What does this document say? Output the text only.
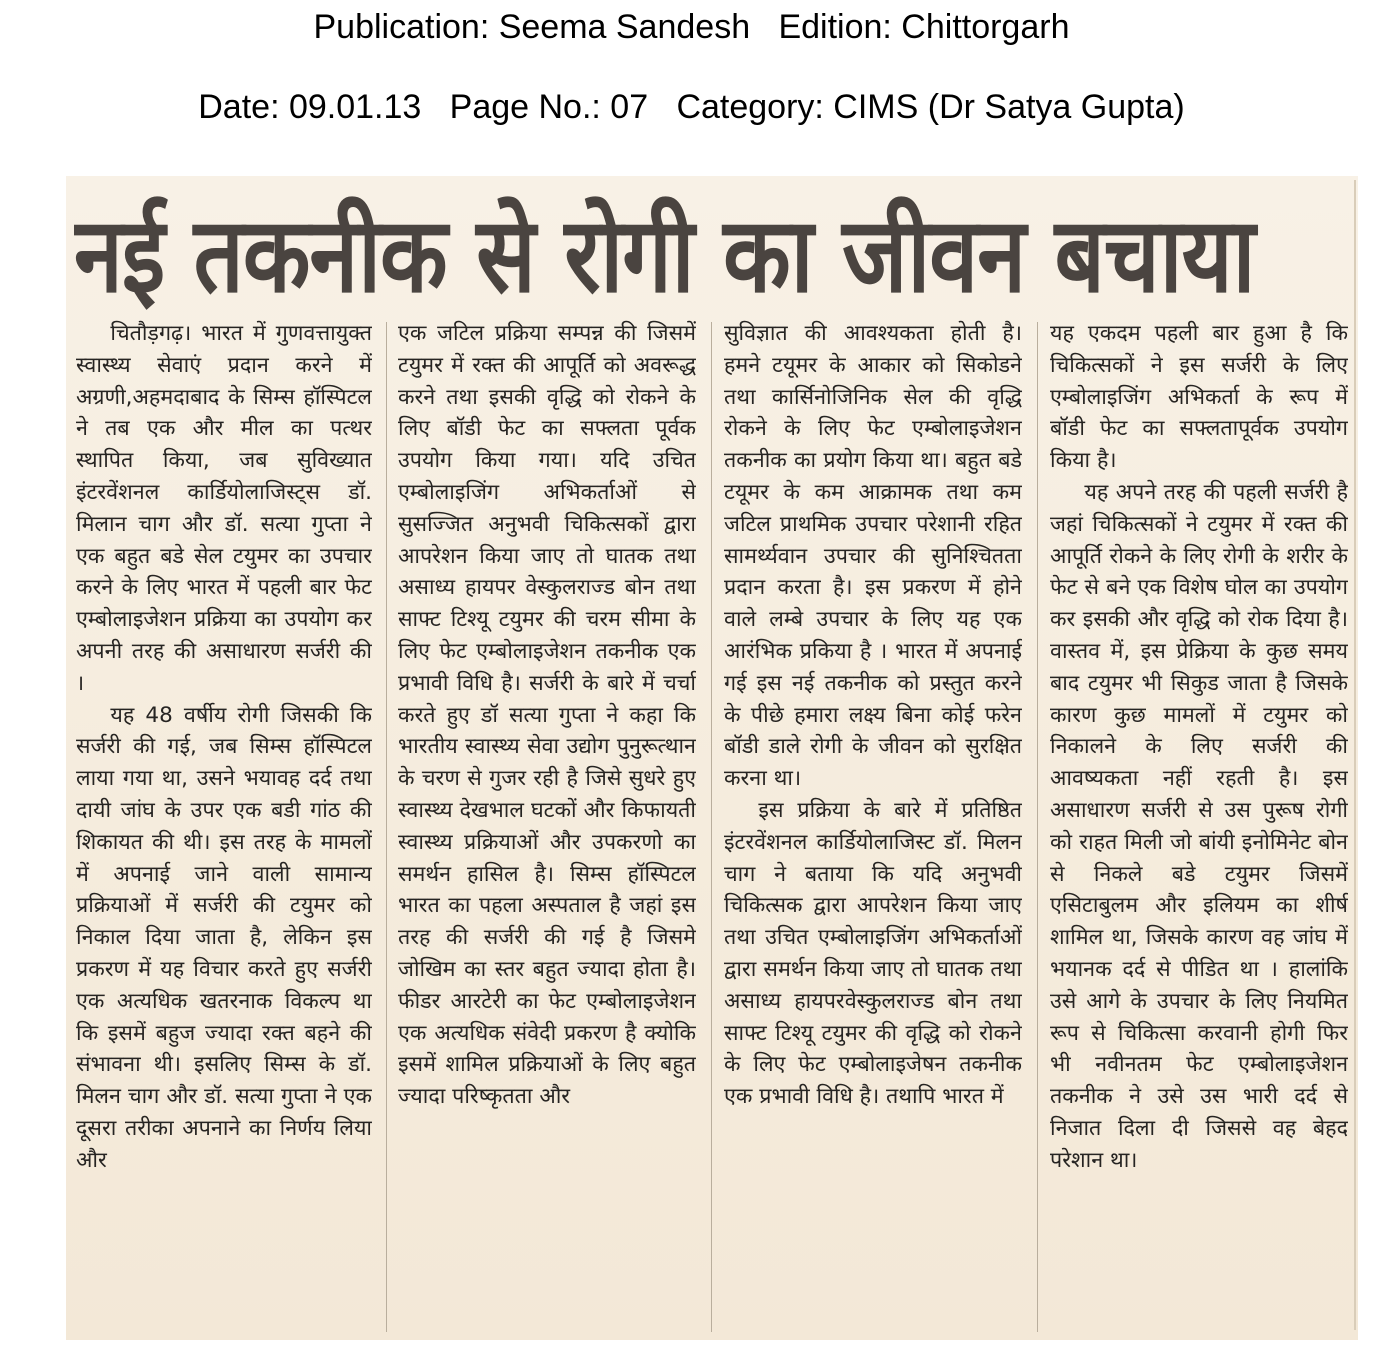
Publication: Seema Sandesh   Edition: Chittorgarh
Date: 09.01.13   Page No.: 07   Category: CIMS (Dr Satya Gupta)
नई तकनीक से रोगी का जीवन बचाया

चितौड़गढ़। भारत में गुणवत्तायुक्त स्वास्थ्य सेवाएं प्रदान करने में अग्रणी,अहमदाबाद के सिम्स हॉस्पिटल ने तब एक और मील का पत्थर स्थापित किया, जब सुविख्यात इंटरवेंशनल कार्डियोलाजिस्ट्स डॉ. मिलान चाग और डॉ. सत्या गुप्ता ने एक बहुत बडे सेल टयुमर का उपचार करने के लिए भारत में पहली बार फेट एम्बोलाइजेशन प्रक्रिया का उपयोग कर अपनी तरह की असाधारण सर्जरी की ।

यह 48 वर्षीय रोगी जिसकी कि सर्जरी की गई, जब सिम्स हॉस्पिटल लाया गया था, उसने भयावह दर्द तथा दायी जांघ के उपर एक बडी गांठ की शिकायत की थी। इस तरह के मामलों में अपनाई जाने वाली सामान्य प्रक्रियाओं में सर्जरी की टयुमर को निकाल दिया जाता है, लेकिन इस प्रकरण में यह विचार करते हुए सर्जरी एक अत्यधिक खतरनाक विकल्प था कि इसमें बहुज ज्यादा रक्त बहने की संभावना थी। इसलिए सिम्स के डॉ. मिलन चाग और डॉ. सत्या गुप्ता ने एक दूसरा तरीका अपनाने का निर्णय लिया और

एक जटिल प्रक्रिया सम्पन्न की जिसमें टयुमर में रक्त की आपूर्ति को अवरूद्ध करने तथा इसकी वृद्धि को रोकने के लिए बॉडी फेट का सफ्लता पूर्वक उपयोग किया गया। यदि उचित एम्बोलाइजिंग अभिकर्ताओं से सुसज्जित अनुभवी चिकित्सकों द्वारा आपरेशन किया जाए तो घातक तथा असाध्य हायपर वेस्कुलराज्ड बोन तथा साफ्ट टिश्यू टयुमर की चरम सीमा के लिए फेट एम्बोलाइजेशन तकनीक एक प्रभावी विधि है। सर्जरी के बारे में चर्चा करते हुए डॉ सत्या गुप्ता ने कहा कि भारतीय स्वास्थ्य सेवा उद्योग पुनुरूत्थान के चरण से गुजर रही है जिसे सुधरे हुए स्वास्थ्य देखभाल घटकों और किफायती स्वास्थ्य प्रक्रियाओं और उपकरणो का समर्थन हासिल है। सिम्स हॉस्पिटल भारत का पहला अस्पताल है जहां इस तरह की सर्जरी की गई है जिसमे जोखिम का स्तर बहुत ज्यादा होता है। फीडर आरटेरी का फेट एम्बोलाइजेशन एक अत्यधिक संवेदी प्रकरण है क्योकि इसमें शामिल प्रक्रियाओं के लिए बहुत ज्यादा परिष्कृतता और

सुविज्ञात की आवश्यकता होती है। हमने टयूमर के आकार को सिकोडने तथा कार्सिनोजिनिक सेल की वृद्धि रोकने के लिए फेट एम्बोलाइजेशन तकनीक का प्रयोग किया था। बहुत बडे टयूमर के कम आक्रामक तथा कम जटिल प्राथमिक उपचार परेशानी रहित सामर्थ्यवान उपचार की सुनिश्चितता प्रदान करता है। इस प्रकरण में होने वाले लम्बे उपचार के लिए यह एक आरंभिक प्रकिया है । भारत में अपनाई गई इस नई तकनीक को प्रस्तुत करने के पीछे हमारा लक्ष्य बिना कोई फरेन बॉडी डाले रोगी के जीवन को सुरक्षित करना था।

इस प्रक्रिया के बारे में प्रतिष्ठित इंटरवेंशनल कार्डियोलाजिस्ट डॉ. मिलन चाग ने बताया कि यदि अनुभवी चिकित्सक द्वारा आपरेशन किया जाए तथा उचित एम्बोलाइजिंग अभिकर्ताओं द्वारा समर्थन किया जाए तो घातक तथा असाध्य हायपरवेस्कुलराज्ड बोन तथा साफ्ट टिश्यू टयुमर की वृद्धि को रोकने के लिए फेट एम्बोलाइजेषन तकनीक एक प्रभावी विधि है। तथापि भारत में

यह एकदम पहली बार हुआ है कि चिकित्सकों ने इस सर्जरी के लिए एम्बोलाइजिंग अभिकर्ता के रूप में बॉडी फेट का सफ्लतापूर्वक उपयोग किया है।

यह अपने तरह की पहली सर्जरी है जहां चिकित्सकों ने टयुमर में रक्त की आपूर्ति रोकने के लिए रोगी के शरीर के फेट से बने एक विशेष घोल का उपयोग कर इसकी और वृद्धि को रोक दिया है। वास्तव में, इस प्रेक्रिया के कुछ समय बाद टयुमर भी सिकुड जाता है जिसके कारण कुछ मामलों में टयुमर को निकालने के लिए सर्जरी की आवष्यकता नहीं रहती है। इस असाधारण सर्जरी से उस पुरूष रोगी को राहत मिली जो बांयी इनोमिनेट बोन से निकले बडे टयुमर जिसमें एसिटाबुलम और इलियम का शीर्ष शामिल था, जिसके कारण वह जांघ में भयानक दर्द से पीडित था । हालांकि उसे आगे के उपचार के लिए नियमित रूप से चिकित्सा करवानी होगी फिर भी नवीनतम फेट एम्बोलाइजेशन तकनीक ने उसे उस भारी दर्द से निजात दिला दी जिससे वह बेहद परेशान था।
